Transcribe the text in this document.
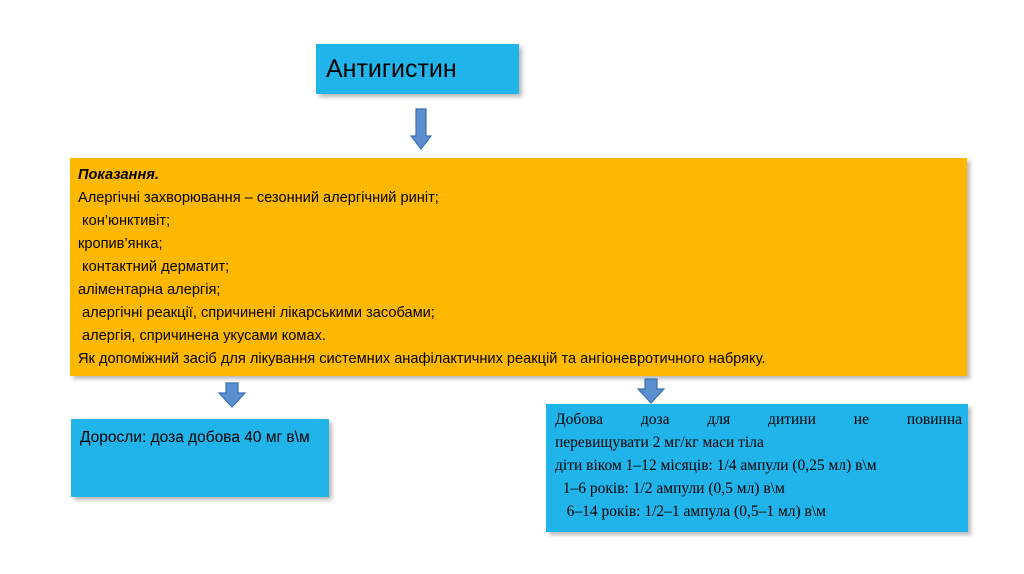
Антигистин
Показання.
Алергічні захворювання – сезонний алергічний риніт;
кон’юнктивіт;
кропив’янка;
контактний дерматит;
аліментарна алергія;
алергічні реакції, спричинені лікарськими засобами;
алергія, спричинена укусами комах.
Як допоміжний засіб для лікування системних анафілактичних реакцій та ангіоневротичного набряку.
Доросли: доза добова 40 мг в\м
Добова доза для дитини не повинна
перевищувати 2 мг/кг маси тіла
діти віком 1–12 місяців: 1/4 ампули (0,25 мл) в\м
1–6 років: 1/2 ампули (0,5 мл) в\м
6–14 років: 1/2–1 ампула (0,5–1 мл) в\м
